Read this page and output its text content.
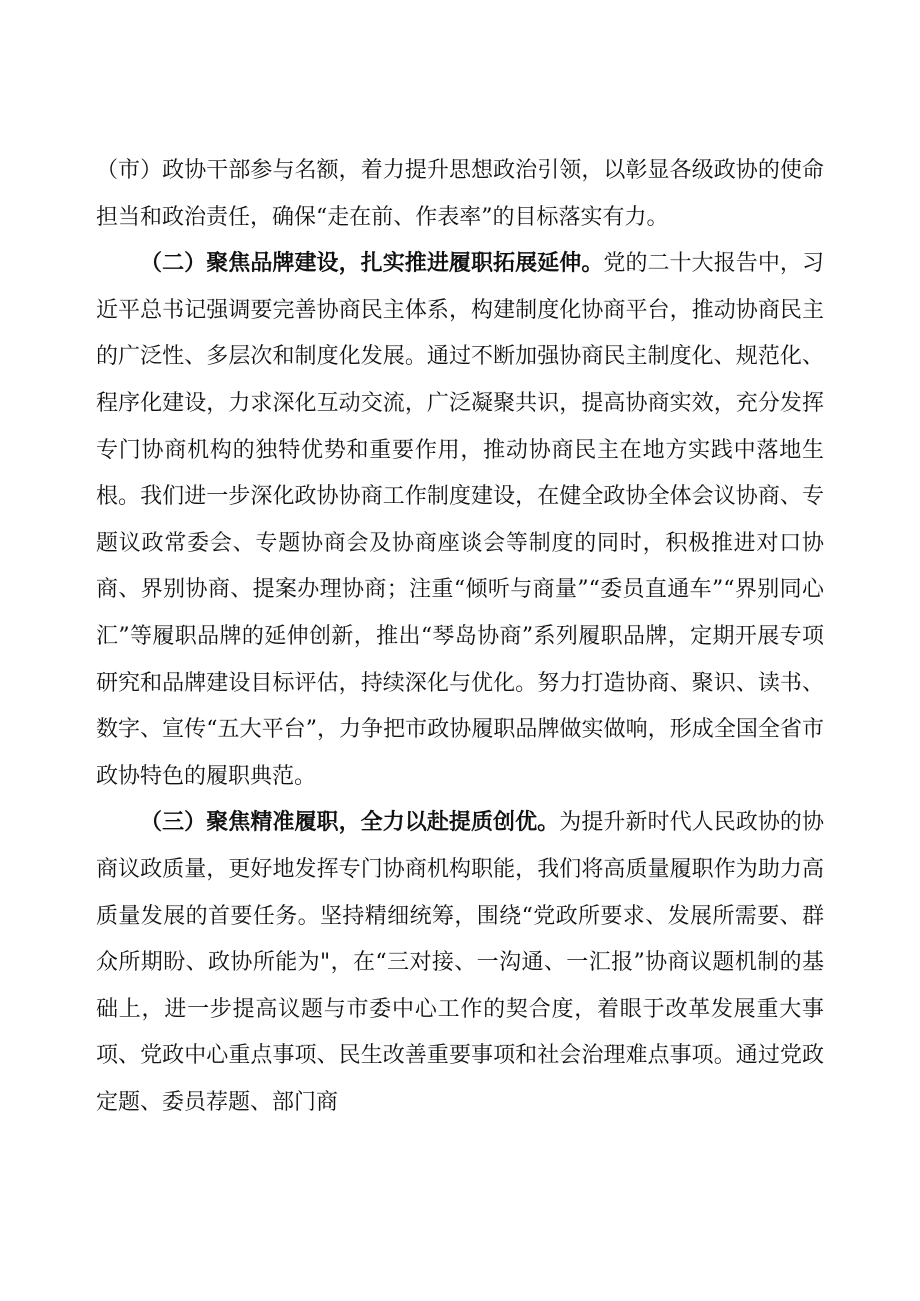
（市）政协干部参与名额，着力提升思想政治引领，以彰显各级政协的使命担当和政治责任，确保“走在前、作表率”的目标落实有力。

（二）聚焦品牌建设，扎实推进履职拓展延伸。党的二十大报告中，习近平总书记强调要完善协商民主体系，构建制度化协商平台，推动协商民主的广泛性、多层次和制度化发展。通过不断加强协商民主制度化、规范化、程序化建设，力求深化互动交流，广泛凝聚共识，提高协商实效，充分发挥专门协商机构的独特优势和重要作用，推动协商民主在地方实践中落地生根。我们进一步深化政协协商工作制度建设，在健全政协全体会议协商、专题议政常委会、专题协商会及协商座谈会等制度的同时，积极推进对口协商、界别协商、提案办理协商；注重“倾听与商量”“委员直通车”“界别同心汇”等履职品牌的延伸创新，推出“琴岛协商”系列履职品牌，定期开展专项研究和品牌建设目标评估，持续深化与优化。努力打造协商、聚识、读书、数字、宣传“五大平台”，力争把市政协履职品牌做实做响，形成全国全省市政协特色的履职典范。

（三）聚焦精准履职，全力以赴提质创优。为提升新时代人民政协的协商议政质量，更好地发挥专门协商机构职能，我们将高质量履职作为助力高质量发展的首要任务。坚持精细统筹，围绕“党政所要求、发展所需要、群众所期盼、政协所能为"，在“三对接、一沟通、一汇报”协商议题机制的基础上，进一步提高议题与市委中心工作的契合度，着眼于改革发展重大事项、党政中心重点事项、民生改善重要事项和社会治理难点事项。通过党政定题、委员荐题、部门商
